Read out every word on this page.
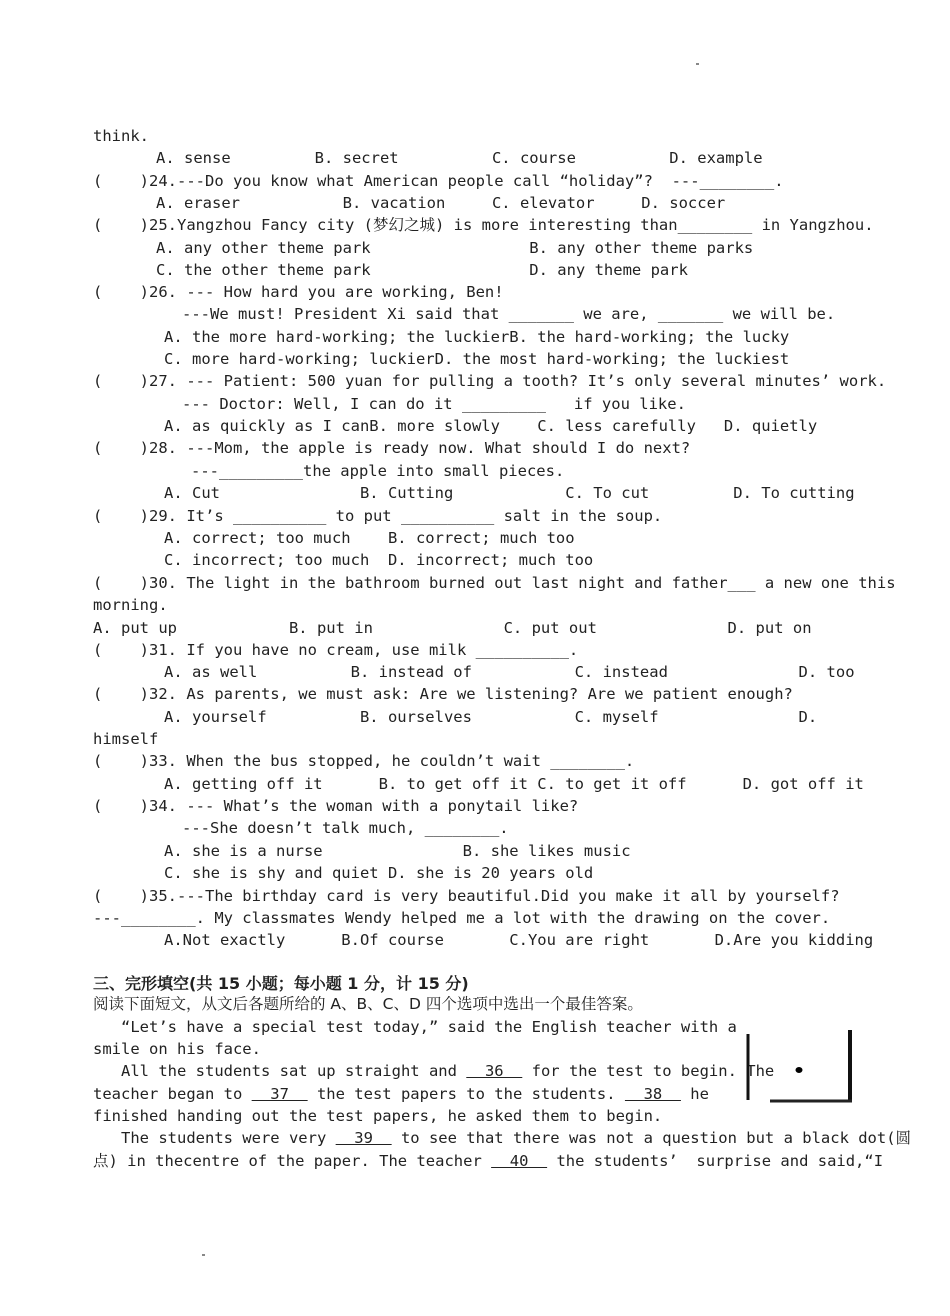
think.
A. sense         B. secret          C. course          D. example
(    )24.---Do you know what American people call “holiday”?  ---________.
A. eraser           B. vacation     C. elevator     D. soccer
(    )25.Yangzhou Fancy city (梦幻之城) is more interesting than________ in Yangzhou.
A. any other theme park                 B. any other theme parks
C. the other theme park                 D. any theme park
(    )26. --- How hard you are working, Ben!
---We must! President Xi said that _______ we are, _______ we will be.
A. the more hard-working; the luckierB. the hard-working; the lucky
C. more hard-working; luckierD. the most hard-working; the luckiest
(    )27. --- Patient: 500 yuan for pulling a tooth? It’s only several minutes’ work.
--- Doctor: Well, I can do it _________   if you like.
A. as quickly as I canB. more slowly    C. less carefully   D. quietly
(    )28. ---Mom, the apple is ready now. What should I do next?
---_________the apple into small pieces.
A. Cut               B. Cutting            C. To cut         D. To cutting
(    )29. It’s __________ to put __________ salt in the soup.
A. correct; too much    B. correct; much too
C. incorrect; too much  D. incorrect; much too
(    )30. The light in the bathroom burned out last night and father___ a new one this
morning.
A. put up            B. put in              C. put out              D. put on
(    )31. If you have no cream, use milk __________.
A. as well          B. instead of           C. instead              D. too
(    )32. As parents, we must ask: Are we listening? Are we patient enough?
A. yourself          B. ourselves           C. myself               D.
himself
(    )33. When the bus stopped, he couldn’t wait ________.
A. getting off it      B. to get off it C. to get it off      D. got off it
(    )34. --- What’s the woman with a ponytail like?
---She doesn’t talk much, ________.
A. she is a nurse               B. she likes music
C. she is shy and quiet D. she is 20 years old
(    )35.---The birthday card is very beautiful.Did you make it all by yourself?
---________. My classmates Wendy helped me a lot with the drawing on the cover.
A.Not exactly      B.Of course       C.You are right       D.Are you kidding
三、完形填空(共 15 小题；每小题 1 分，计 15 分)
阅读下面短文，从文后各题所给的 A、B、C、D 四个选项中选出一个最佳答案。
“Let’s have a special test today,” said the English teacher with a
smile on his face.
All the students sat up straight and   36   for the test to begin. The
teacher began to   37   the test papers to the students.   38   he
finished handing out the test papers, he asked them to begin.
The students were very   39   to see that there was not a question but a black dot(圆
点) in thecentre of the paper. The teacher   40   the students’  surprise and said,“I
